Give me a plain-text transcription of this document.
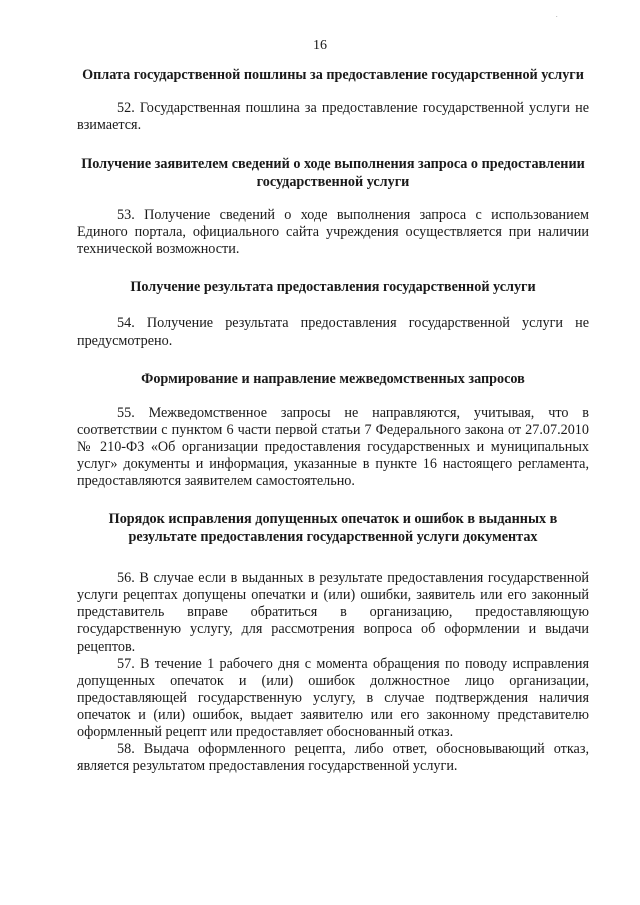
·
16
Оплата государственной пошлины за предоставление государственной услуги

52. Государственная пошлина за предоставление государственной услуги не взимается.

Получение заявителем сведений о ходе выполнения запроса о предоставлении государственной услуги

53. Получение сведений о ходе выполнения запроса с использованием Единого портала, официального сайта учреждения осуществляется при наличии технической возможности.

Получение результата предоставления государственной услуги

54. Получение результата предоставления государственной услуги не предусмотрено.

Формирование и направление межведомственных запросов

55. Межведомственное запросы не направляются, учитывая, что в соответствии с пунктом 6 части первой статьи 7 Федерального закона от 27.07.2010 № 210-ФЗ «Об организации предоставления государственных и муниципальных услуг» документы и информация, указанные в пункте 16 настоящего регламента, предоставляются заявителем самостоятельно.

Порядок исправления допущенных опечаток и ошибок в выданных в результате предоставления государственной услуги документах

56. В случае если в выданных в результате предоставления государственной услуги рецептах допущены опечатки и (или) ошибки, заявитель или его законный представитель вправе обратиться в организацию, предоставляющую государственную услугу, для рассмотрения вопроса об оформлении и выдачи рецептов.

57. В течение 1 рабочего дня с момента обращения по поводу исправления допущенных опечаток и (или) ошибок должностное лицо организации, предоставляющей государственную услугу, в случае подтверждения наличия опечаток и (или) ошибок, выдает заявителю или его законному представителю оформленный рецепт или предоставляет обоснованный отказ.

58. Выдача оформленного рецепта, либо ответ, обосновывающий отказ, является результатом предоставления государственной услуги.
